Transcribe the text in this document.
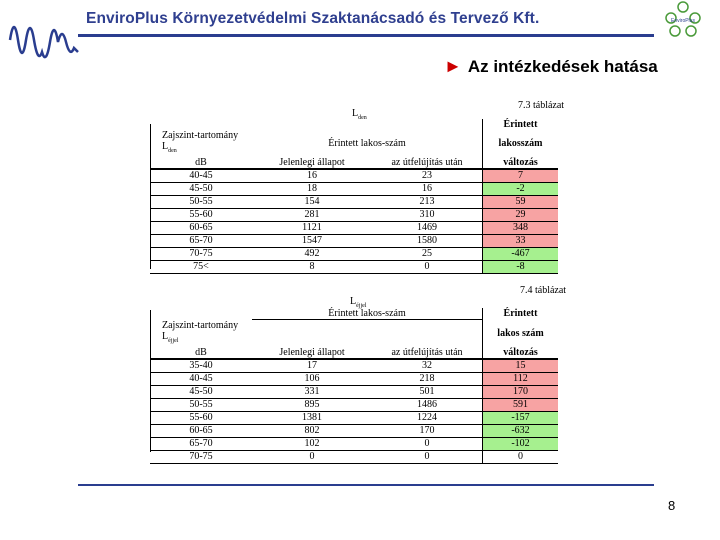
EnviroPlus Környezetvédelmi Szaktanácsadó és Tervező Kft.	EnviroPlus
► Az intézkedések hatása
7.3 táblázat
$L_{den}$
			Érintett
Zajszint-tartomány $L_{den}$	Érintett lakos-szám		lakosszám
dB	Jelenlegi állapot	az útfelújítás után	változás
40-45	16	23	7
45-50	18	16	-2
50-55	154	213	59
55-60	281	310	29
60-65	1121	1469	348
65-70	1547	1580	33
70-75	492	25	-467
75<	8	0	-8
7.4 táblázat
$L_{éjjel}$
	Érintett lakos-szám		Érintett
Zajszint-tartomány $L_{éjjel}$			lakos szám
dB	Jelenlegi állapot	az útfelújítás után	változás
35-40	17	32	15
40-45	106	218	112
45-50	331	501	170
50-55	895	1486	591
55-60	1381	1224	-157
60-65	802	170	-632
65-70	102	0	-102
70-75	0	0	0
8
